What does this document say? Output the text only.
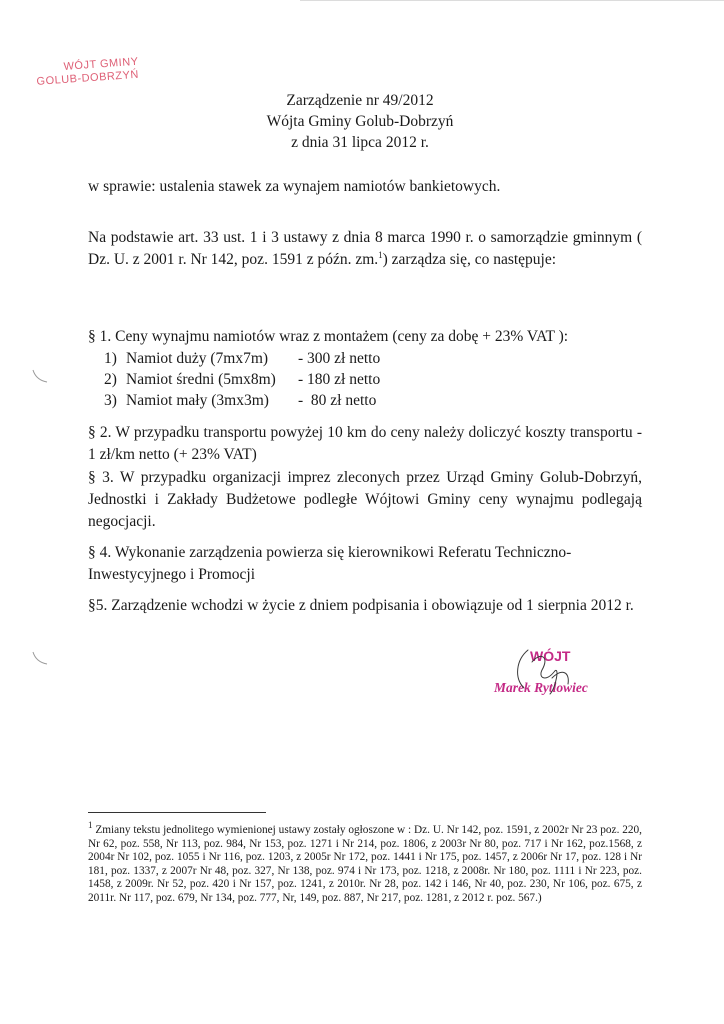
WÓJT GMINY
GOLUB-DOBRZYŃ
Zarządzenie nr 49/2012
Wójta Gminy Golub-Dobrzyń
z dnia 31 lipca 2012 r.
w sprawie: ustalenia stawek za wynajem namiotów bankietowych.
Na podstawie art. 33 ust. 1 i 3 ustawy z dnia 8 marca 1990 r. o samorządzie gminnym ( Dz. U. z 2001 r. Nr 142, poz. 1591 z późn. zm.$^1$) zarządza się, co następuje:
§ 1. Ceny wynajmu namiotów wraz z montażem (ceny za dobę + 23% VAT ):
1) Namiot duży (7mx7m)	- 300 zł netto
2) Namiot średni (5mx8m)	- 180 zł netto
3) Namiot mały (3mx3m)	-  80 zł netto
§ 2. W przypadku transportu powyżej 10 km do ceny należy doliczyć koszty transportu - 1 zł/km netto (+ 23% VAT)
§ 3. W przypadku organizacji imprez zleconych przez Urząd Gminy Golub-Dobrzyń, Jednostki i Zakłady Budżetowe podległe Wójtowi Gminy ceny wynajmu podlegają negocjacji.
§ 4. Wykonanie zarządzenia powierza się kierownikowi Referatu Techniczno-Inwestycyjnego i Promocji
§5. Zarządzenie wchodzi w życie z dniem podpisania i obowiązuje od 1 sierpnia 2012 r.
WÓJT
Marek Rytlowiec
$^1$ Zmiany tekstu jednolitego wymienionej ustawy zostały ogłoszone w : Dz. U. Nr 142, poz. 1591, z 2002r Nr 23 poz. 220, Nr 62, poz. 558, Nr 113, poz. 984, Nr 153, poz. 1271 i Nr 214, poz. 1806, z 2003r Nr 80, poz. 717 i Nr 162, poz.1568, z 2004r Nr 102, poz. 1055 i Nr 116, poz. 1203, z 2005r Nr 172, poz. 1441 i Nr 175, poz. 1457, z 2006r Nr 17, poz. 128 i Nr 181, poz. 1337, z 2007r Nr 48, poz. 327, Nr 138, poz. 974 i Nr 173, poz. 1218, z 2008r. Nr 180, poz. 1111 i Nr 223, poz. 1458, z 2009r. Nr 52, poz. 420 i Nr 157, poz. 1241, z 2010r. Nr 28, poz. 142 i 146, Nr 40, poz. 230, Nr 106, poz. 675, z 2011r. Nr 117, poz. 679, Nr 134, poz. 777, Nr, 149, poz. 887, Nr 217, poz. 1281, z 2012 r. poz. 567.)
